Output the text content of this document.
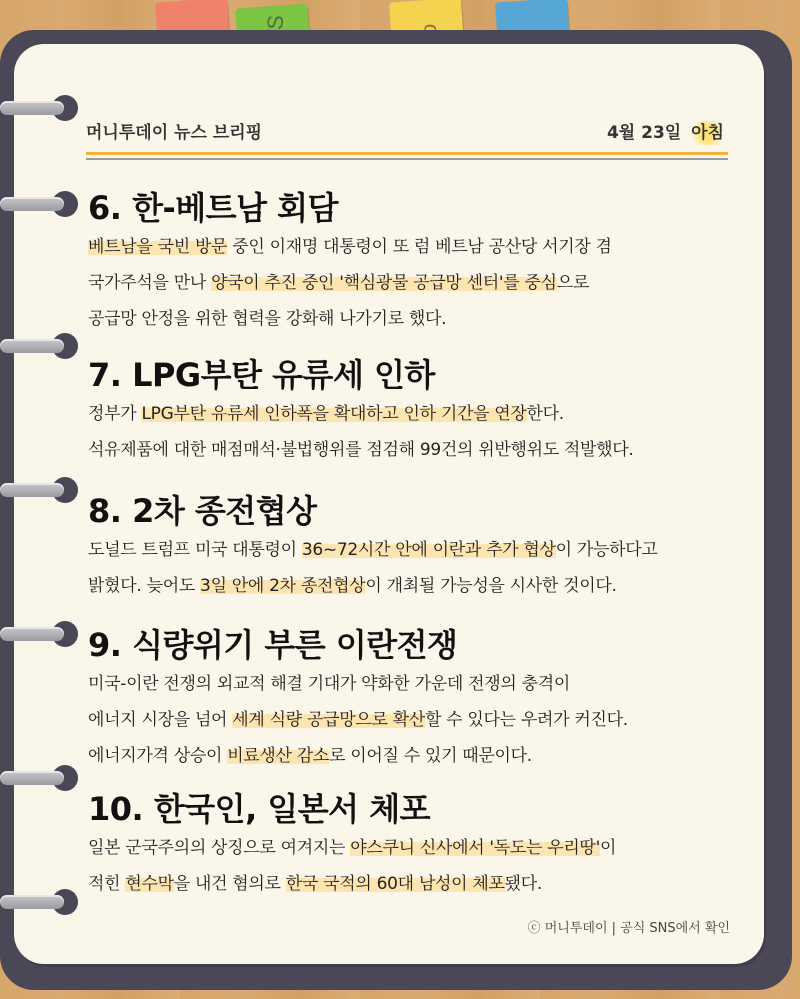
머니투데이 뉴스 브리핑	4월 23일 아침
6. 한-베트남 회담
베트남을 국빈 방문 중인 이재명 대통령이 또 럼 베트남 공산당 서기장 겸
국가주석을 만나 양국이 추진 중인 '핵심광물 공급망 센터'를 중심으로
공급망 안정을 위한 협력을 강화해 나가기로 했다.
7. LPG부탄 유류세 인하
정부가 LPG부탄 유류세 인하폭을 확대하고 인하 기간을 연장한다.
석유제품에 대한 매점매석·불법행위를 점검해 99건의 위반행위도 적발했다.
8. 2차 종전협상
도널드 트럼프 미국 대통령이 36~72시간 안에 이란과 추가 협상이 가능하다고
밝혔다. 늦어도 3일 안에 2차 종전협상이 개최될 가능성을 시사한 것이다.
9. 식량위기 부른 이란전쟁
미국-이란 전쟁의 외교적 해결 기대가 약화한 가운데 전쟁의 충격이
에너지 시장을 넘어 세계 식량 공급망으로 확산할 수 있다는 우려가 커진다.
에너지가격 상승이 비료생산 감소로 이어질 수 있기 때문이다.
10. 한국인, 일본서 체포
일본 군국주의의 상징으로 여겨지는 야스쿠니 신사에서 '독도는 우리땅'이
적힌 현수막을 내건 혐의로 한국 국적의 60대 남성이 체포됐다.
ⓒ 머니투데이 | 공식 SNS에서 확인
